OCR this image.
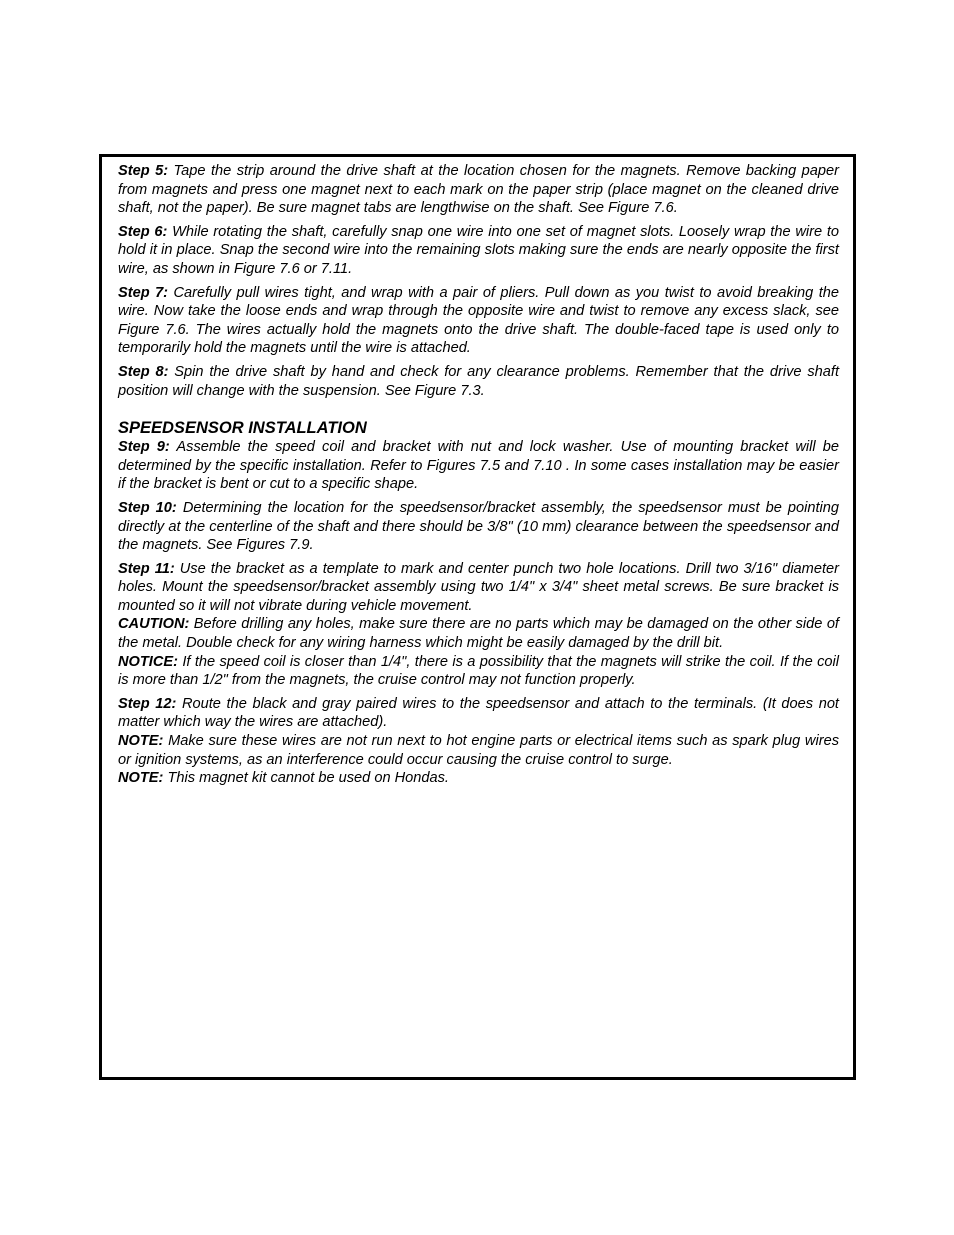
Step 5: Tape the strip around the drive shaft at the location chosen for the magnets. Remove backing paper from magnets and press one magnet next to each mark on the paper strip (place magnet on the cleaned drive shaft, not the paper). Be sure magnet tabs are lengthwise on the shaft. See Figure 7.6.

Step 6: While rotating the shaft, carefully snap one wire into one set of magnet slots. Loosely wrap the wire to hold it in place. Snap the second wire into the remaining slots making sure the ends are nearly opposite the first wire, as shown in Figure 7.6 or 7.11.

Step 7: Carefully pull wires tight, and wrap with a pair of pliers. Pull down as you twist to avoid breaking the wire. Now take the loose ends and wrap through the opposite wire and twist to remove any excess slack, see Figure 7.6. The wires actually hold the magnets onto the drive shaft. The double-faced tape is used only to temporarily hold the magnets until the wire is attached.

Step 8: Spin the drive shaft by hand and check for any clearance problems. Remember that the drive shaft position will change with the suspension. See Figure 7.3.

SPEEDSENSOR INSTALLATION

Step 9: Assemble the speed coil and bracket with nut and lock washer. Use of mounting bracket will be determined by the specific installation. Refer to Figures 7.5 and 7.10 . In some cases installation may be easier if the bracket is bent or cut to a specific shape.

Step 10: Determining the location for the speedsensor/bracket assembly, the speedsensor must be pointing directly at the centerline of the shaft and there should be 3/8" (10 mm) clearance between the speedsensor and the magnets. See Figures 7.9.

Step 11: Use the bracket as a template to mark and center punch two hole locations. Drill two 3/16" diameter holes. Mount the speedsensor/bracket assembly using two 1/4" x 3/4" sheet metal screws. Be sure bracket is mounted so it will not vibrate during vehicle movement.

CAUTION: Before drilling any holes, make sure there are no parts which may be damaged on the other side of the metal. Double check for any wiring harness which might be easily damaged by the drill bit.

NOTICE: If the speed coil is closer than 1/4", there is a possibility that the magnets will strike the coil. If the coil is more than 1/2" from the magnets, the cruise control may not function properly.

Step 12: Route the black and gray paired wires to the speedsensor and attach to the terminals. (It does not matter which way the wires are attached).

NOTE: Make sure these wires are not run next to hot engine parts or electrical items such as spark plug wires or ignition systems, as an interference could occur causing the cruise control to surge.

NOTE: This magnet kit cannot be used on Hondas.
